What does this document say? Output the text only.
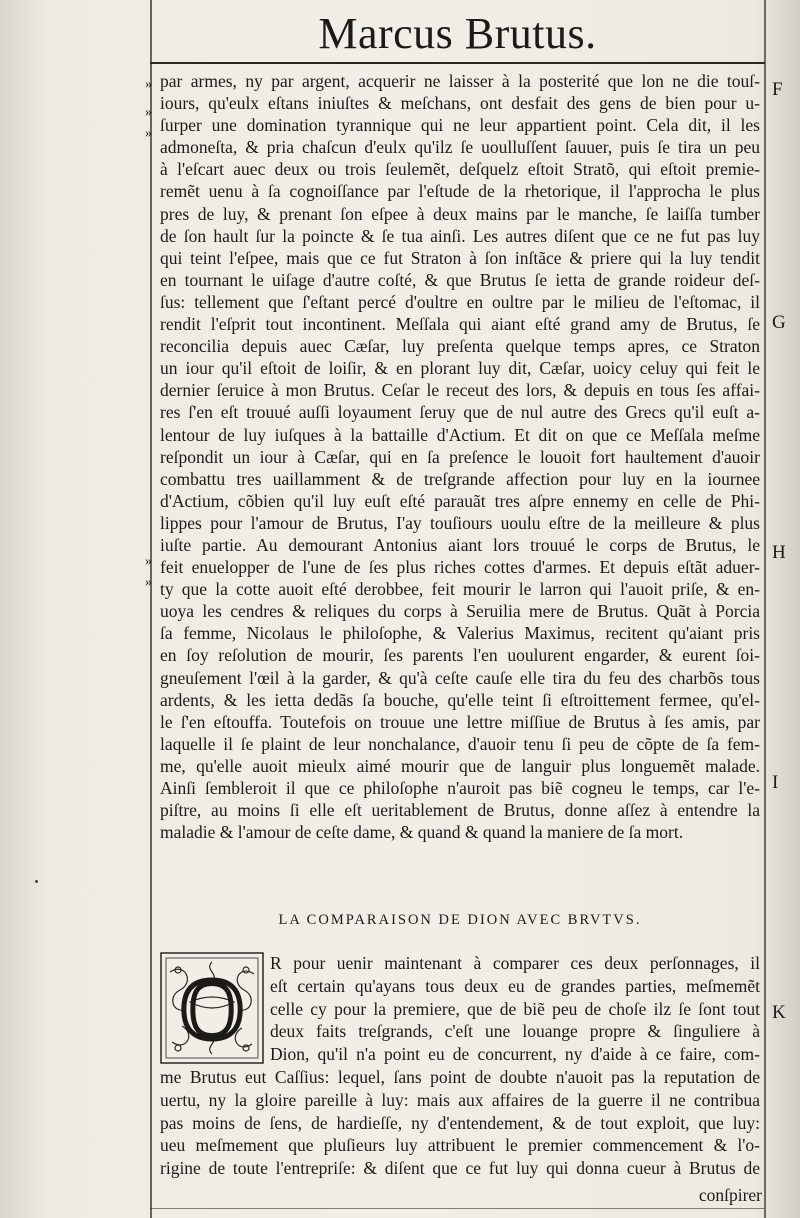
Marcus Brutus.
»
»
»
»
»
F
G
H
I
K
par armes, ny par argent, acquerir ne laisser à la posterité que lon ne die touſ-
iours, qu'eulx eſtans iniuſtes & meſchans, ont desfait des gens de bien pour u-
ſurper une domination tyrannique qui ne leur appartient point. Cela dit, il les
admoneſta, & pria chaſcun d'eulx qu'ilz ſe uoulluſſent ſauuer, puis ſe tira un peu
à l'eſcart auec deux ou trois ſeulemẽt, deſquelz eſtoit Stratõ, qui eſtoit premie-
remẽt uenu à ſa cognoiſſance par l'eſtude de la rhetorique, il l'approcha le plus
pres de luy, & prenant ſon eſpee à deux mains par le manche, ſe laiſſa tumber
de ſon hault ſur la poincte & ſe tua ainſi. Les autres diſent que ce ne fut pas luy
qui teint l'eſpee, mais que ce fut Straton à ſon inſtãce & priere qui la luy tendit
en tournant le uiſage d'autre coſté, & que Brutus ſe ietta de grande roideur deſ-
ſus: tellement que ſ'eſtant percé d'oultre en oultre par le milieu de l'eſtomac, il
rendit l'eſprit tout incontinent. Meſſala qui aiant eſté grand amy de Brutus, ſe
reconcilia depuis auec Cæſar, luy preſenta quelque temps apres, ce Straton
un iour qu'il eſtoit de loiſir, & en plorant luy dit, Cæſar, uoicy celuy qui feit le
dernier ſeruice à mon Brutus. Ceſar le receut des lors, & depuis en tous ſes affai-
res ſ'en eſt trouué auſſi loyaument ſeruy que de nul autre des Grecs qu'il euſt a-
lentour de luy iuſques à la battaille d'Actium. Et dit on que ce Meſſala meſme
reſpondit un iour à Cæſar, qui en ſa preſence le louoit fort haultement d'auoir
combattu tres uaillamment & de treſgrande affection pour luy en la iournee
d'Actium, cõbien qu'il luy euſt eſté parauãt tres aſpre ennemy en celle de Phi-
lippes pour l'amour de Brutus, I'ay touſiours uoulu eſtre de la meilleure & plus
iuſte partie. Au demourant Antonius aiant lors trouué le corps de Brutus, le
feit enuelopper de l'une de ſes plus riches cottes d'armes. Et depuis eſtãt aduer-
ty que la cotte auoit eſté derobbee, feit mourir le larron qui l'auoit priſe, & en-
uoya les cendres & reliques du corps à Seruilia mere de Brutus. Quãt à Porcia
ſa femme, Nicolaus le philoſophe, & Valerius Maximus, recitent qu'aiant pris
en ſoy reſolution de mourir, ſes parents l'en uoulurent engarder, & eurent ſoi-
gneuſement l'œil à la garder, & qu'à ceſte cauſe elle tira du feu des charbõs tous
ardents, & les ietta dedãs ſa bouche, qu'elle teint ſi eſtroittement fermee, qu'el-
le ſ'en eſtouffa. Toutefois on trouue une lettre miſſiue de Brutus à ſes amis, par
laquelle il ſe plaint de leur nonchalance, d'auoir tenu ſi peu de cõpte de ſa fem-
me, qu'elle auoit mieulx aimé mourir que de languir plus longuemẽt malade.
Ainſi ſembleroit il que ce philoſophe n'auroit pas biẽ cogneu le temps, car l'e-
piſtre, au moins ſi elle eſt ueritablement de Brutus, donne aſſez à entendre la
maladie & l'amour de ceſte dame, & quand & quand la maniere de ſa mort.
LA COMPARAISON DE DION AVEC BRVTVS.
O	R pour uenir maintenant à comparer ces deux perſonnages, il
eſt certain qu'ayans tous deux eu de grandes parties, meſmemẽt
celle cy pour la premiere, que de biẽ peu de choſe ilz ſe ſont tout
deux faits treſgrands, c'eſt une louange propre & ſinguliere à
Dion, qu'il n'a point eu de concurrent, ny d'aide à ce faire, com-
me Brutus eut Caſſius: lequel, ſans point de doubte n'auoit pas la reputation de
uertu, ny la gloire pareille à luy: mais aux affaires de la guerre il ne contribua
pas moins de ſens, de hardieſſe, ny d'entendement, & de tout exploit, que luy:
ueu meſmement que pluſieurs luy attribuent le premier commencement & l'o-
rigine de toute l'entrepriſe: & diſent que ce fut luy qui donna cueur à Brutus de
conſpirer
